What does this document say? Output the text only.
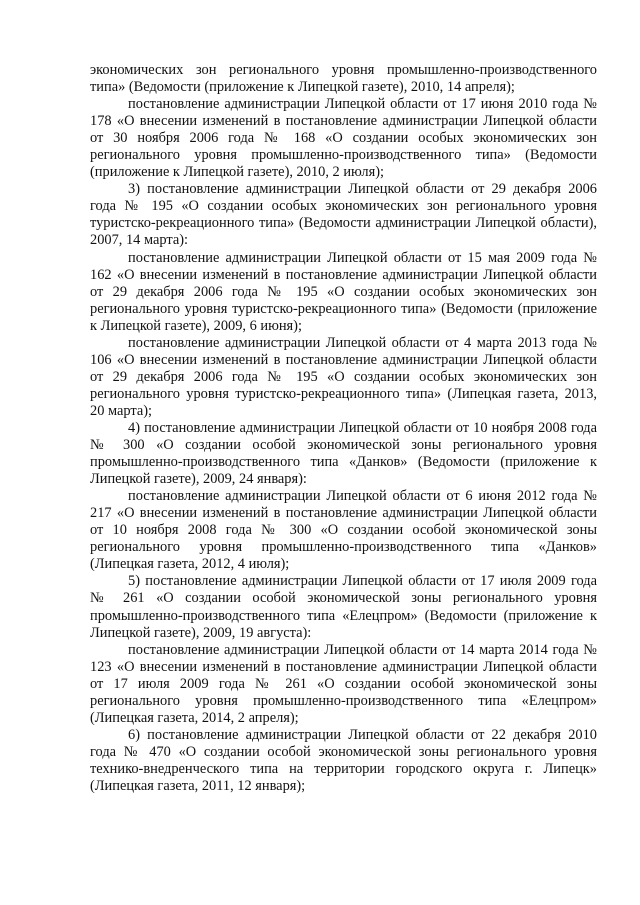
экономических зон регионального уровня промышленно-производственного типа» (Ведомости (приложение к Липецкой газете), 2010, 14 апреля);

постановление администрации Липецкой области от 17 июня 2010 года № 178 «О внесении изменений в постановление администрации Липецкой области от 30 ноября 2006 года № 168 «О создании особых экономических зон регионального уровня промышленно-производственного типа» (Ведомости (приложение к Липецкой газете), 2010, 2 июля);

3) постановление администрации Липецкой области от 29 декабря 2006 года № 195 «О создании особых экономических зон регионального уровня туристско-рекреационного типа» (Ведомости администрации Липецкой области), 2007, 14 марта):

постановление администрации Липецкой области от 15 мая 2009 года № 162 «О внесении изменений в постановление администрации Липецкой области от 29 декабря 2006 года № 195 «О создании особых экономических зон регионального уровня туристско-рекреационного типа» (Ведомости (приложение к Липецкой газете), 2009, 6 июня);

постановление администрации Липецкой области от 4 марта 2013 года № 106 «О внесении изменений в постановление администрации Липецкой области от 29 декабря 2006 года № 195 «О создании особых экономических зон регионального уровня туристско-рекреационного типа» (Липецкая газета, 2013, 20 марта);

4) постановление администрации Липецкой области от 10 ноября 2008 года № 300 «О создании особой экономической зоны регионального уровня промышленно-производственного типа «Данков» (Ведомости (приложение к Липецкой газете), 2009, 24 января):

постановление администрации Липецкой области от 6 июня 2012 года № 217 «О внесении изменений в постановление администрации Липецкой области от 10 ноября 2008 года № 300 «О создании особой экономической зоны регионального уровня промышленно-производственного типа «Данков» (Липецкая газета, 2012, 4 июля);

5) постановление администрации Липецкой области от 17 июля 2009 года № 261 «О создании особой экономической зоны регионального уровня промышленно-производственного типа «Елецпром» (Ведомости (приложение к Липецкой газете), 2009, 19 августа):

постановление администрации Липецкой области от 14 марта 2014 года № 123 «О внесении изменений в постановление администрации Липецкой области от 17 июля 2009 года № 261 «О создании особой экономической зоны регионального уровня промышленно-производственного типа «Елецпром» (Липецкая газета, 2014, 2 апреля);

6) постановление администрации Липецкой области от 22 декабря 2010 года № 470 «О создании особой экономической зоны регионального уровня технико-внедренческого типа на территории городского округа г. Липецк» (Липецкая газета, 2011, 12 января);
